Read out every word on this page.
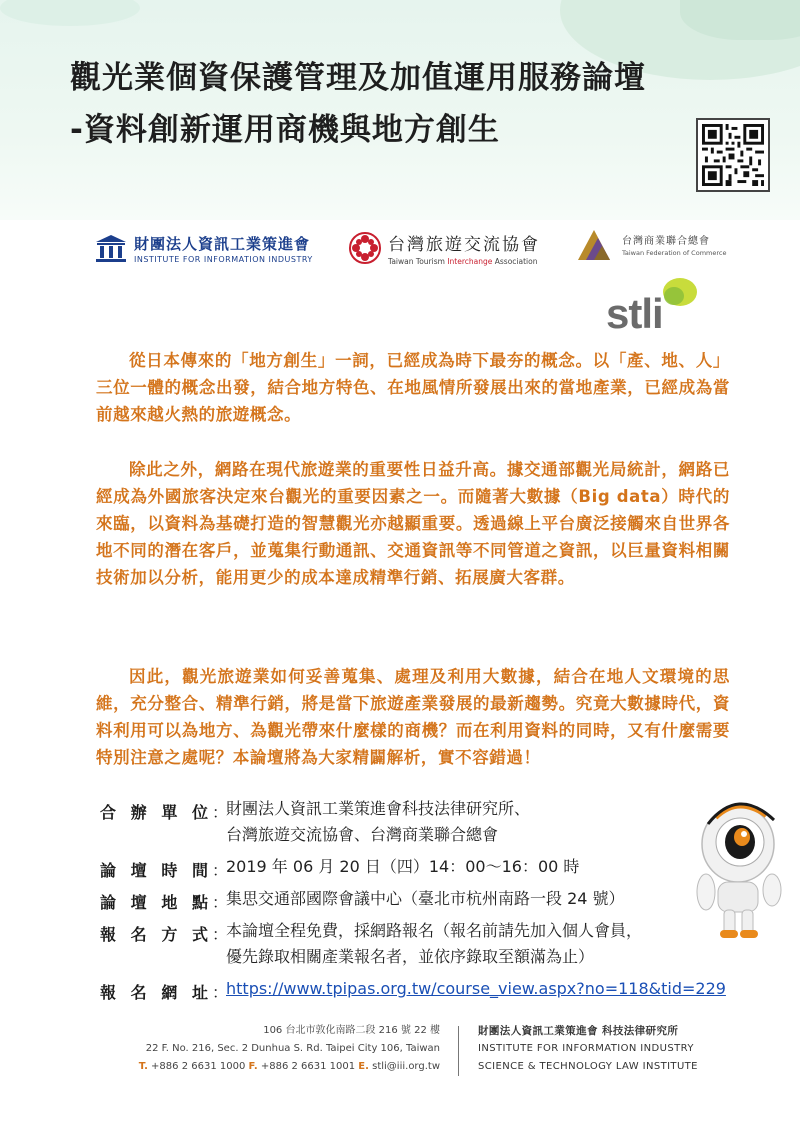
觀光業個資保護管理及加值運用服務論壇
-資料創新運用商機與地方創生
財團法人資訊工業策進會
INSTITUTE FOR INFORMATION INDUSTRY
台灣旅遊交流協會
Taiwan Tourism Interchange Association
台灣商業聯合總會
Taiwan Federation of Commerce
stli
從日本傳來的「地方創生」一詞，已經成為時下最夯的概念。以「產、地、人」三位一體的概念出發，結合地方特色、在地風情所發展出來的當地產業，已經成為當前越來越火熱的旅遊概念。
除此之外，網路在現代旅遊業的重要性日益升高。據交通部觀光局統計，網路已經成為外國旅客決定來台觀光的重要因素之一。而隨著大數據（Big data）時代的來臨，以資料為基礎打造的智慧觀光亦越顯重要。透過線上平台廣泛接觸來自世界各地不同的潛在客戶，並蒐集行動通訊、交通資訊等不同管道之資訊，以巨量資料相關技術加以分析，能用更少的成本達成精準行銷、拓展廣大客群。
因此，觀光旅遊業如何妥善蒐集、處理及利用大數據，結合在地人文環境的思維，充分整合、精準行銷，將是當下旅遊產業發展的最新趨勢。究竟大數據時代，資料利用可以為地方、為觀光帶來什麼樣的商機？而在利用資料的同時，又有什麼需要特別注意之處呢？本論壇將為大家精闢解析，實不容錯過！
合 辦 單 位 ：
財團法人資訊工業策進會科技法律研究所、
台灣旅遊交流協會、台灣商業聯合總會
論 壇 時 間 ：
2019 年 06 月 20 日（四）14：00～16：00 時
論 壇 地 點 ：
集思交通部國際會議中心（臺北市杭州南路一段 24 號）
報 名 方 式 ：
本論壇全程免費，採網路報名（報名前請先加入個人會員，
優先錄取相關產業報名者，並依序錄取至額滿為止）
報 名 網 址 ：
https://www.tpipas.org.tw/course_view.aspx?no=118&tid=229
106 台北市敦化南路二段 216 號 22 樓
22 F. No. 216, Sec. 2 Dunhua S. Rd. Taipei City 106, Taiwan
T. +886 2 6631 1000 F. +886 2 6631 1001 E. stli@iii.org.tw
財團法人資訊工業策進會 科技法律研究所
INSTITUTE FOR INFORMATION INDUSTRY
SCIENCE & TECHNOLOGY LAW INSTITUTE
